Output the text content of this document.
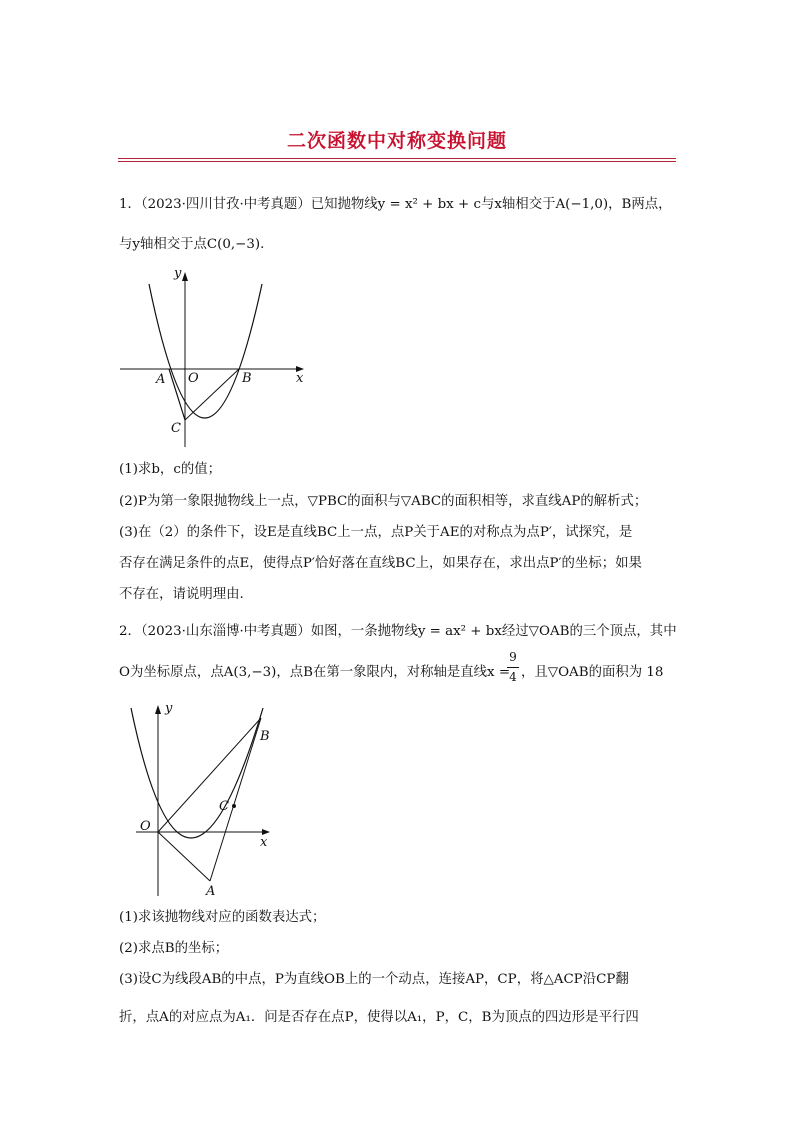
二次函数中对称变换问题
1．（2023·四川甘孜·中考真题）已知抛物线y = x² + bx + c与x轴相交于A(−1,0)，B两点，
与y轴相交于点C(0,−3).
y
x
A O	B
C
(1)求b，c的值；
(2)P为第一象限抛物线上一点，▽PBC的面积与▽ABC的面积相等，求直线AP的解析式；
(3)在（2）的条件下，设E是直线BC上一点，点P关于AE的对称点为点P′，试探究，是
否存在满足条件的点E，使得点P′恰好落在直线BC上，如果存在，求出点P′的坐标；如果
不存在，请说明理由.
2．（2023·山东淄博·中考真题）如图，一条抛物线y = ax² + bx经过▽OAB的三个顶点，其中
O为坐标原点，点A(3,−3)，点B在第一象限内，对称轴是直线x =
9
4 ，且▽OAB的面积为 18
y
x
O
B
C
A
(1)求该抛物线对应的函数表达式；
(2)求点B的坐标；
(3)设C为线段AB的中点，P为直线OB上的一个动点，连接AP，CP，将△ACP沿CP翻
折，点A的对应点为A₁．问是否存在点P，使得以A₁，P，C，B为顶点的四边形是平行四
